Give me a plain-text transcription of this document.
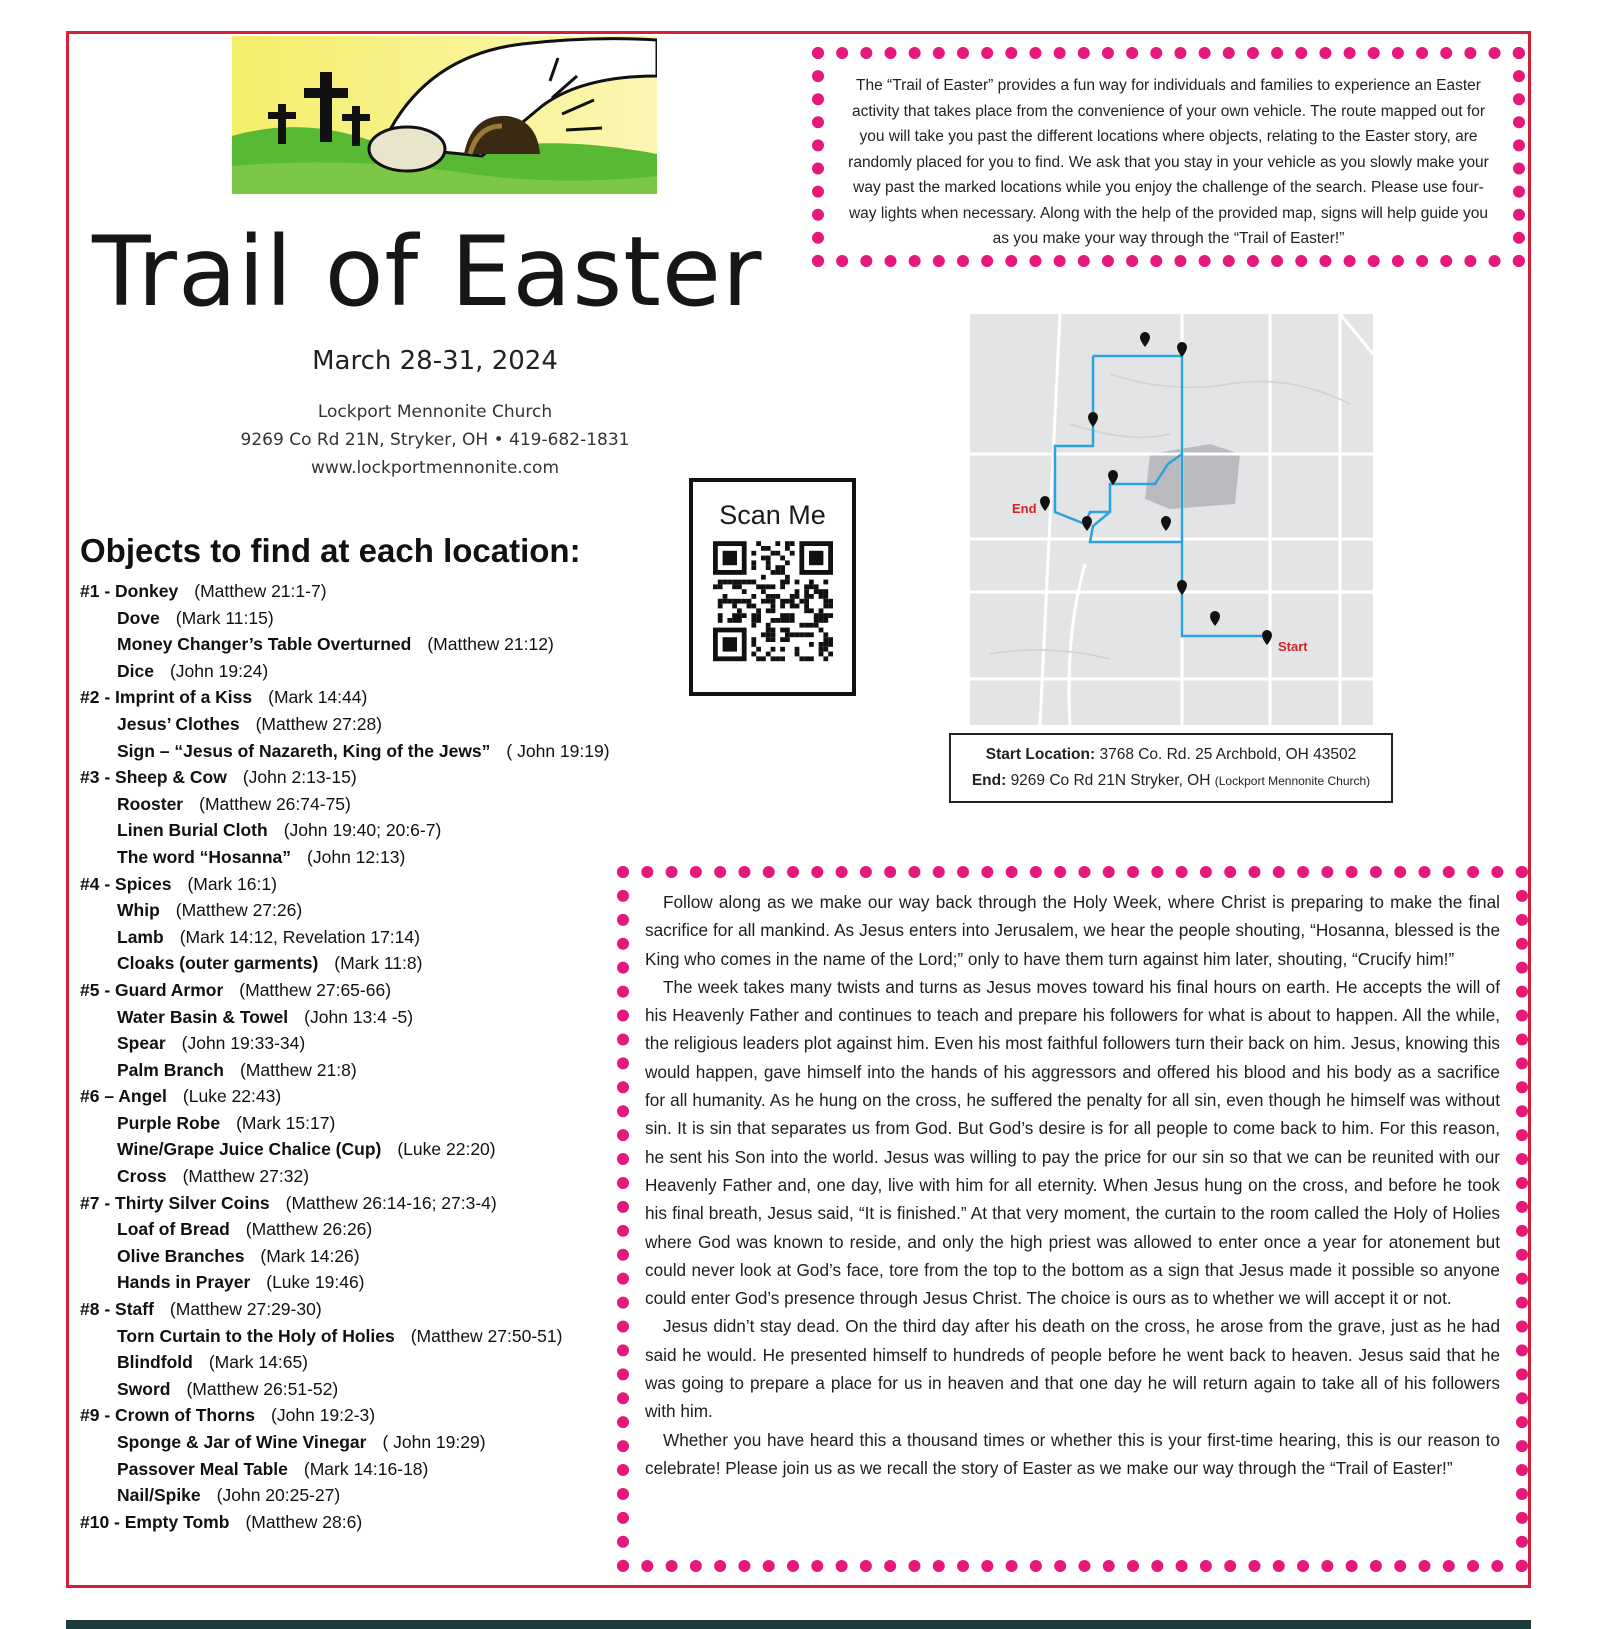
Trail of Easter
March 28-31, 2024
Lockport Mennonite Church
9269 Co Rd 21N, Stryker, OH • 419-682-1831
www.lockportmennonite.com
The “Trail of Easter” provides a fun way for individuals and families to experience an Easter activity that takes place from the convenience of your own vehicle. The route mapped out for you will take you past the different locations where objects, relating to the Easter story, are randomly placed for you to find. We ask that you stay in your vehicle as you slowly make your way past the marked locations while you enjoy the challenge of the search. Please use four-way lights when necessary. Along with the help of the provided map, signs will help guide you as you make your way through the “Trail of Easter!”
Scan Me
Start
End
Start Location: 3768 Co. Rd. 25 Archbold, OH 43502
End: 9269 Co Rd 21N Stryker, OH (Lockport Mennonite Church)
Objects to find at each location:
#1 - Donkey (Matthew 21:1-7)
Dove (Mark 11:15)
Money Changer’s Table Overturned (Matthew 21:12)
Dice (John 19:24)
#2 - Imprint of a Kiss (Mark 14:44)
Jesus’ Clothes (Matthew 27:28)
Sign – “Jesus of Nazareth, King of the Jews” ( John 19:19)
#3 - Sheep & Cow (John 2:13-15)
Rooster (Matthew 26:74-75)
Linen Burial Cloth (John 19:40; 20:6-7)
The word “Hosanna” (John 12:13)
#4 - Spices (Mark 16:1)
Whip (Matthew 27:26)
Lamb (Mark 14:12, Revelation 17:14)
Cloaks (outer garments) (Mark 11:8)
#5 - Guard Armor (Matthew 27:65-66)
Water Basin & Towel (John 13:4 -5)
Spear (John 19:33-34)
Palm Branch (Matthew 21:8)
#6 – Angel (Luke 22:43)
Purple Robe (Mark 15:17)
Wine/Grape Juice Chalice (Cup) (Luke 22:20)
Cross (Matthew 27:32)
#7 - Thirty Silver Coins (Matthew 26:14-16; 27:3-4)
Loaf of Bread (Matthew 26:26)
Olive Branches (Mark 14:26)
Hands in Prayer (Luke 19:46)
#8 - Staff (Matthew 27:29-30)
Torn Curtain to the Holy of Holies (Matthew 27:50-51)
Blindfold (Mark 14:65)
Sword (Matthew 26:51-52)
#9 - Crown of Thorns (John 19:2-3)
Sponge & Jar of Wine Vinegar ( John 19:29)
Passover Meal Table (Mark 14:16-18)
Nail/Spike (John 20:25-27)
#10 - Empty Tomb (Matthew 28:6)

Follow along as we make our way back through the Holy Week, where Christ is preparing to make the final sacrifice for all mankind. As Jesus enters into Jerusalem, we hear the people shouting, “Hosanna, blessed is the King who comes in the name of the Lord;” only to have them turn against him later, shouting, “Crucify him!”

The week takes many twists and turns as Jesus moves toward his final hours on earth. He accepts the will of his Heavenly Father and continues to teach and prepare his followers for what is about to happen. All the while, the religious leaders plot against him. Even his most faithful followers turn their back on him. Jesus, knowing this would happen, gave himself into the hands of his aggressors and offered his blood and his body as a sacrifice for all humanity. As he hung on the cross, he suffered the penalty for all sin, even though he himself was without sin. It is sin that separates us from God. But God’s desire is for all people to come back to him. For this reason, he sent his Son into the world. Jesus was willing to pay the price for our sin so that we can be reunited with our Heavenly Father and, one day, live with him for all eternity. When Jesus hung on the cross, and before he took his final breath, Jesus said, “It is finished.” At that very moment, the curtain to the room called the Holy of Holies where God was known to reside, and only the high priest was allowed to enter once a year for atonement but could never look at God’s face, tore from the top to the bottom as a sign that Jesus made it possible so anyone could enter God’s presence through Jesus Christ. The choice is ours as to whether we will accept it or not.

Jesus didn’t stay dead. On the third day after his death on the cross, he arose from the grave, just as he had said he would. He presented himself to hundreds of people before he went back to heaven. Jesus said that he was going to prepare a place for us in heaven and that one day he will return again to take all of his followers with him.

Whether you have heard this a thousand times or whether this is your first-time hearing, this is our reason to celebrate! Please join us as we recall the story of Easter as we make our way through the “Trail of Easter!”
